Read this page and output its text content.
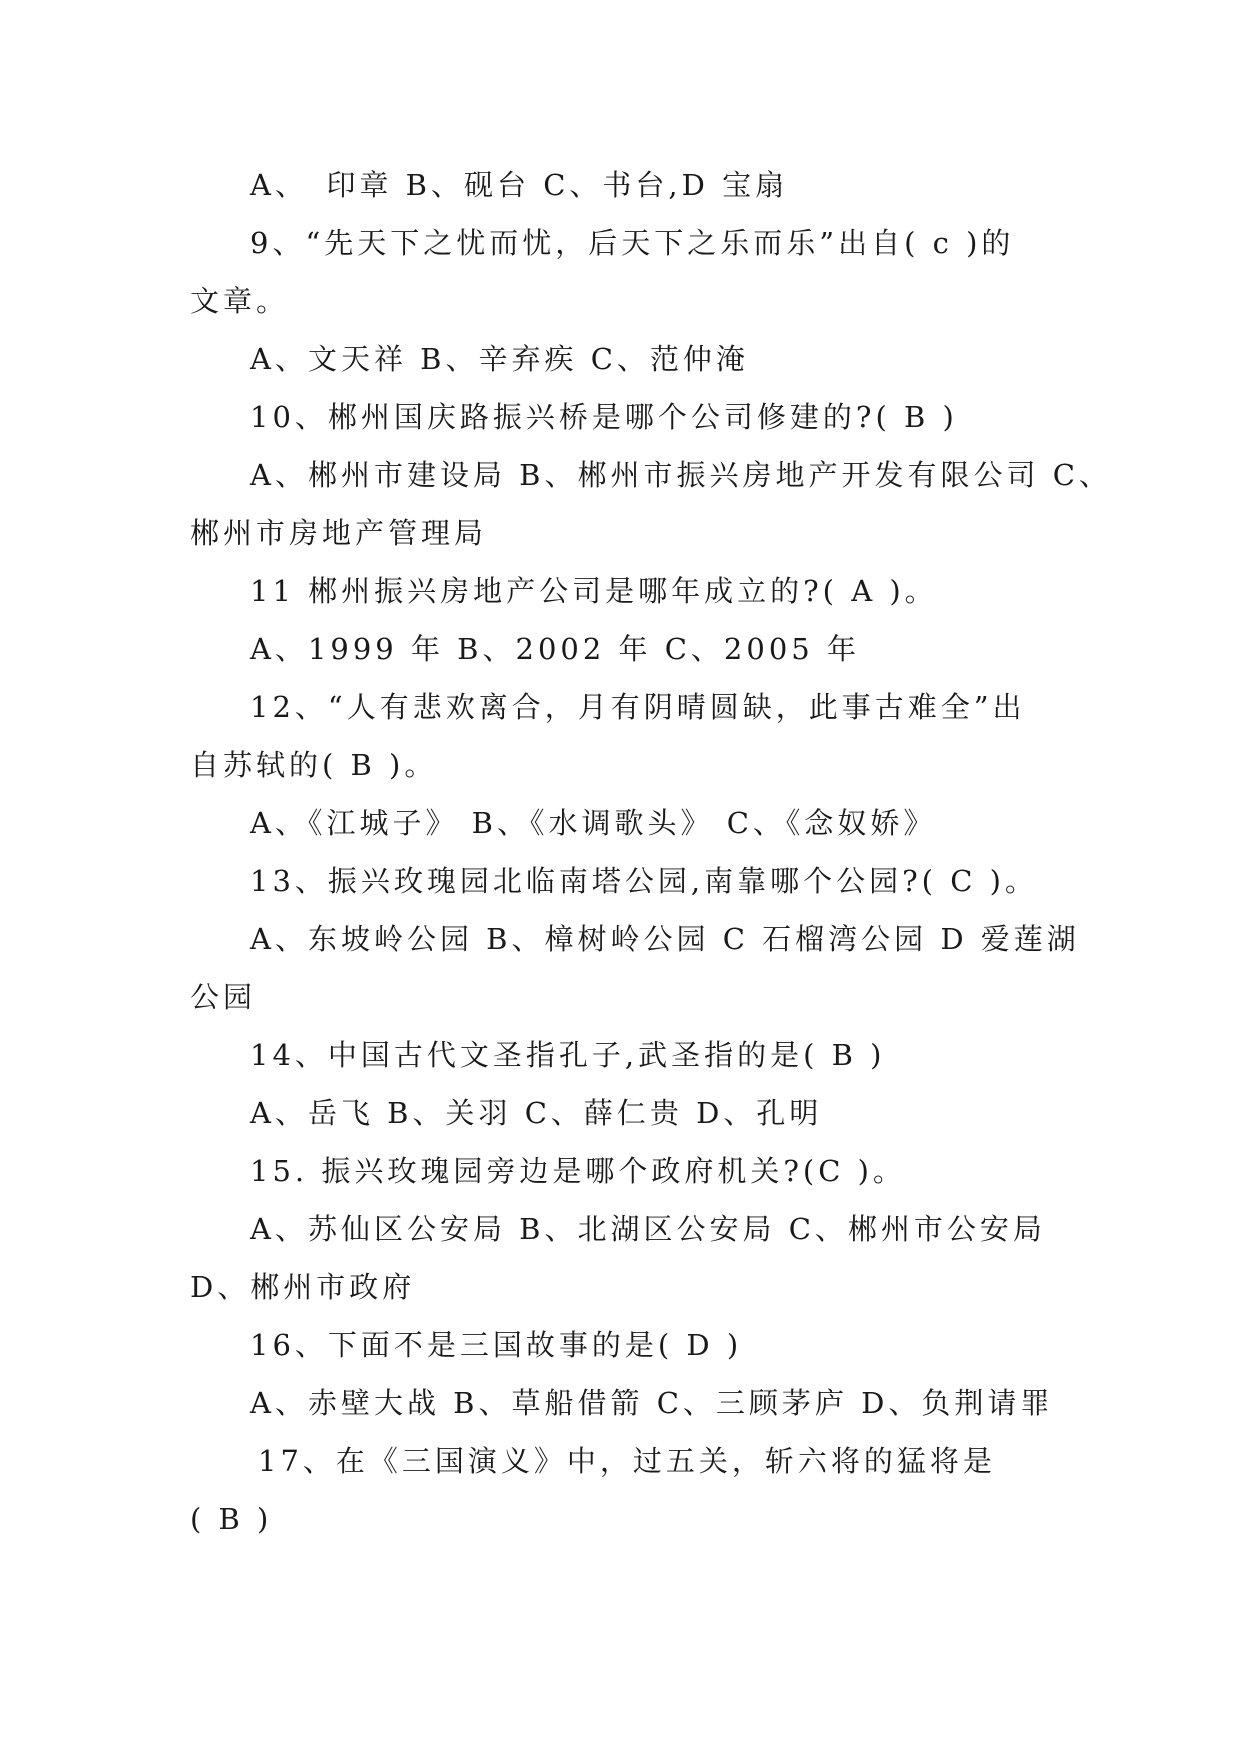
A、　印章 B、砚台 C、书台,D 宝扇
9、“先天下之忧而忧，后天下之乐而乐”出自( c )的
文章。
A、文天祥 B、辛弃疾 C、范仲淹
10、郴州国庆路振兴桥是哪个公司修建的?( B )
A、郴州市建设局 B、郴州市振兴房地产开发有限公司 C、
郴州市房地产管理局
11 郴州振兴房地产公司是哪年成立的?( A )。
A、1999 年 B、2002 年 C、2005 年
12、“人有悲欢离合，月有阴晴圆缺，此事古难全”出
自苏轼的( B )。
A、《江城子》 B、《水调歌头》 C、《念奴娇》
13、振兴玫瑰园北临南塔公园,南靠哪个公园?( C )。
A、东坡岭公园 B、樟树岭公园 C 石榴湾公园 D 爱莲湖
公园
14、中国古代文圣指孔子,武圣指的是( B )
A、岳飞 B、关羽 C、薛仁贵 D、孔明
15. 振兴玫瑰园旁边是哪个政府机关?(C )。
A、苏仙区公安局 B、北湖区公安局 C、郴州市公安局
D、郴州市政府
16、下面不是三国故事的是( D )
A、赤壁大战 B、草船借箭 C、三顾茅庐 D、负荆请罪
17、在《三国演义》中，过五关，斩六将的猛将是
( B )
